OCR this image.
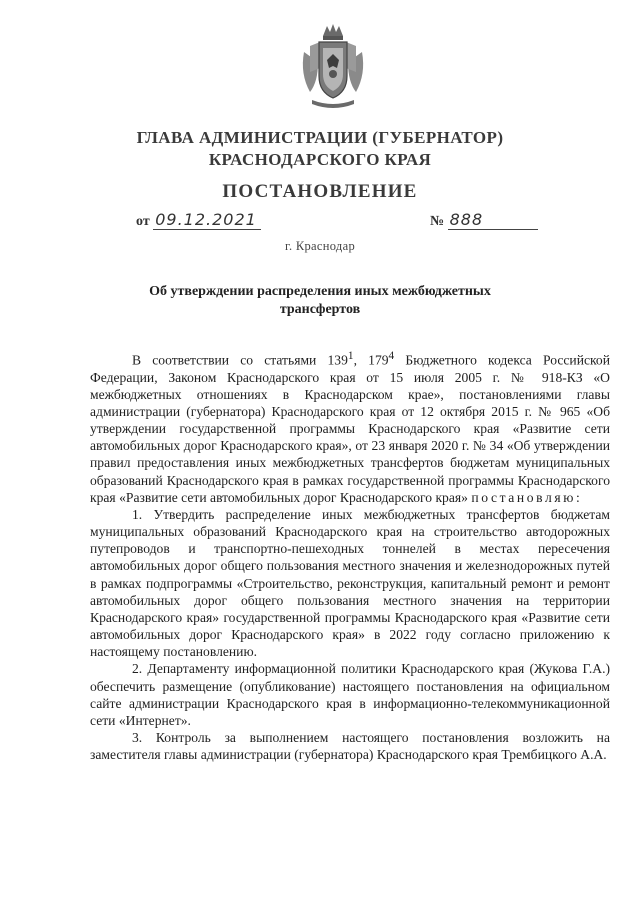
ГЛАВА АДМИНИСТРАЦИИ (ГУБЕРНАТОР)
КРАСНОДАРСКОГО КРАЯ
ПОСТАНОВЛЕНИЕ
от 09.12.2021	№ 888
г. Краснодар
Об утверждении распределения иных межбюджетных
трансфертов

В соответствии со статьями $139^1$, $179^4$ Бюджетного кодекса Российской Федерации, Законом Краснодарского края от 15 июля 2005 г. № 918-КЗ «О межбюджетных отношениях в Краснодарском крае», постановлениями главы администрации (губернатора) Краснодарского края от 12 октября 2015 г. № 965 «Об утверждении государственной программы Краснодарского края «Развитие сети автомобильных дорог Краснодарского края», от 23 января 2020 г. № 34 «Об утверждении правил предоставления иных межбюджетных трансфертов бюджетам муниципальных образований Краснодарского края в рамках государственной программы Краснодарского края «Развитие сети автомобильных дорог Краснодарского края» постановляю:

1. Утвердить распределение иных межбюджетных трансфертов бюджетам муниципальных образований Краснодарского края на строительство автодорожных путепроводов и транспортно-пешеходных тоннелей в местах пересечения автомобильных дорог общего пользования местного значения и железнодорожных путей в рамках подпрограммы «Строительство, реконструкция, капитальный ремонт и ремонт автомобильных дорог общего пользования местного значения на территории Краснодарского края» государственной программы Краснодарского края «Развитие сети автомобильных дорог Краснодарского края» в 2022 году согласно приложению к настоящему постановлению.

2. Департаменту информационной политики Краснодарского края (Жукова Г.А.) обеспечить размещение (опубликование) настоящего постановления на официальном сайте администрации Краснодарского края в информационно-телекоммуникационной сети «Интернет».

3. Контроль за выполнением настоящего постановления возложить на заместителя главы администрации (губернатора) Краснодарского края Трембицкого А.А.
